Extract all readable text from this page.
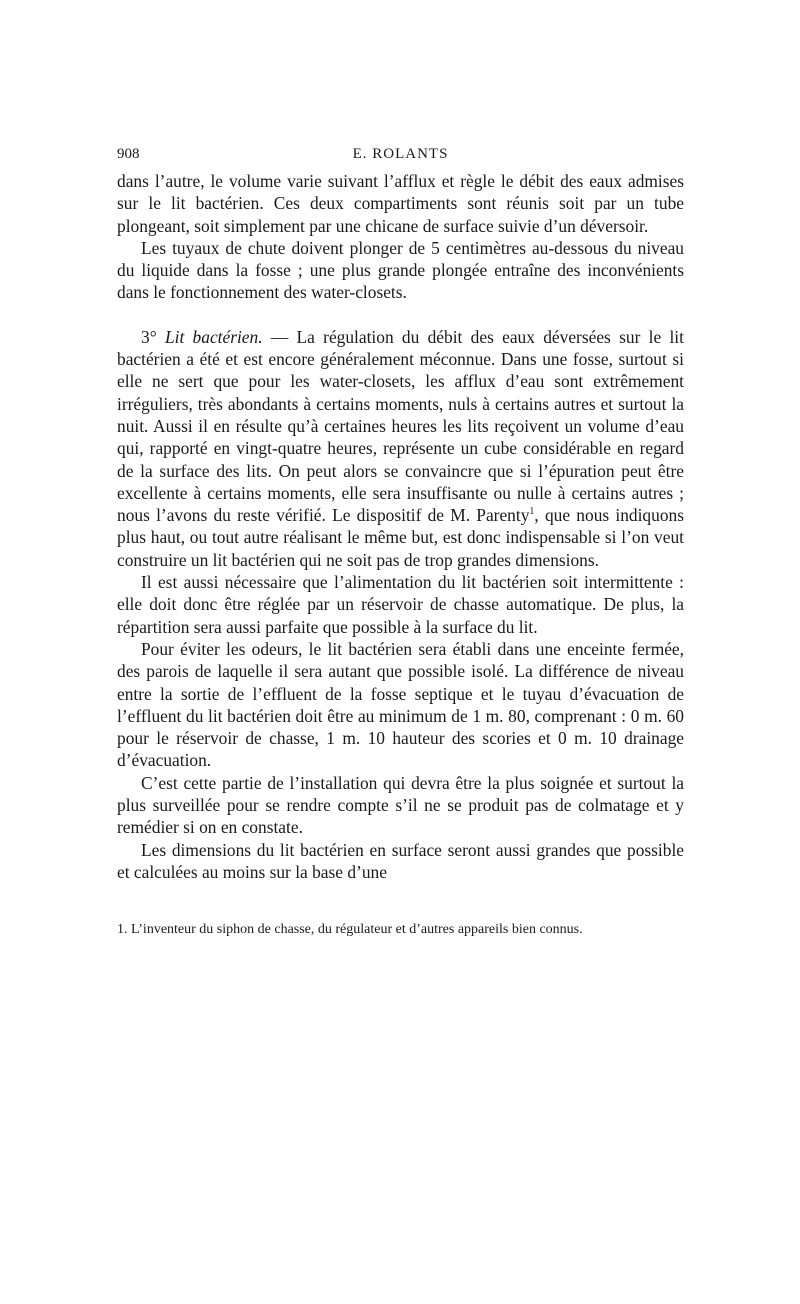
908	E. ROLANTS

dans l’autre, le volume varie suivant l’afflux et règle le débit des eaux admises sur le lit bactérien. Ces deux compartiments sont réunis soit par un tube plongeant, soit simplement par une chicane de surface suivie d’un déversoir.

Les tuyaux de chute doivent plonger de 5 centimètres au-dessous du niveau du liquide dans la fosse ; une plus grande plongée entraîne des inconvénients dans le fonctionnement des water-closets.

3° Lit bactérien. — La régulation du débit des eaux déversées sur le lit bactérien a été et est encore généralement méconnue. Dans une fosse, surtout si elle ne sert que pour les water-closets, les afflux d’eau sont extrêmement irréguliers, très abondants à certains moments, nuls à certains autres et surtout la nuit. Aussi il en résulte qu’à certaines heures les lits reçoivent un volume d’eau qui, rapporté en vingt-quatre heures, représente un cube considérable en regard de la surface des lits. On peut alors se convaincre que si l’épuration peut être excellente à certains moments, elle sera insuffisante ou nulle à certains autres ; nous l’avons du reste vérifié. Le dispositif de M. Parenty$^1$, que nous indiquons plus haut, ou tout autre réalisant le même but, est donc indispensable si l’on veut construire un lit bactérien qui ne soit pas de trop grandes dimensions.

Il est aussi nécessaire que l’alimentation du lit bactérien soit intermittente : elle doit donc être réglée par un réservoir de chasse automatique. De plus, la répartition sera aussi parfaite que possible à la surface du lit.

Pour éviter les odeurs, le lit bactérien sera établi dans une enceinte fermée, des parois de laquelle il sera autant que possible isolé. La différence de niveau entre la sortie de l’effluent de la fosse septique et le tuyau d’évacuation de l’effluent du lit bactérien doit être au minimum de 1 m. 80, comprenant : 0 m. 60 pour le réservoir de chasse, 1 m. 10 hauteur des scories et 0 m. 10 drainage d’évacuation.

C’est cette partie de l’installation qui devra être la plus soignée et surtout la plus surveillée pour se rendre compte s’il ne se produit pas de colmatage et y remédier si on en constate.

Les dimensions du lit bactérien en surface seront aussi grandes que possible et calculées au moins sur la base d’une

1. L’inventeur du siphon de chasse, du régulateur et d’autres appareils bien connus.
